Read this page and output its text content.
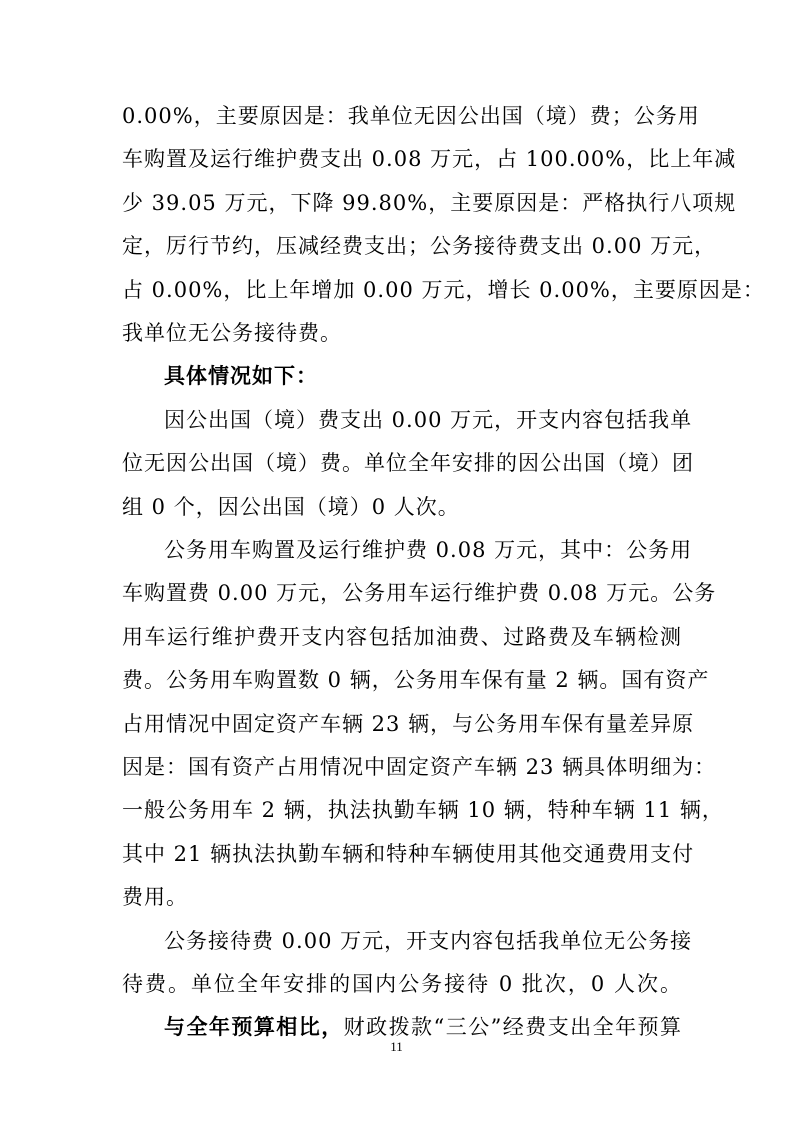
0.00%，主要原因是：我单位无因公出国（境）费；公务用
车购置及运行维护费支出 0.08 万元，占 100.00%，比上年减
少 39.05 万元，下降 99.80%，主要原因是：严格执行八项规
定，厉行节约，压减经费支出；公务接待费支出 0.00 万元，
占 0.00%，比上年增加 0.00 万元，增长 0.00%，主要原因是：
我单位无公务接待费。
具体情况如下：
因公出国（境）费支出 0.00 万元，开支内容包括我单
位无因公出国（境）费。单位全年安排的因公出国（境）团
组 0 个，因公出国（境）0 人次。
公务用车购置及运行维护费 0.08 万元，其中：公务用
车购置费 0.00 万元，公务用车运行维护费 0.08 万元。公务
用车运行维护费开支内容包括加油费、过路费及车辆检测
费。公务用车购置数 0 辆，公务用车保有量 2 辆。国有资产
占用情况中固定资产车辆 23 辆，与公务用车保有量差异原
因是：国有资产占用情况中固定资产车辆 23 辆具体明细为：
一般公务用车 2 辆，执法执勤车辆 10 辆，特种车辆 11 辆，
其中 21 辆执法执勤车辆和特种车辆使用其他交通费用支付
费用。
公务接待费 0.00 万元，开支内容包括我单位无公务接
待费。单位全年安排的国内公务接待 0 批次，0 人次。
与全年预算相比，财政拨款“三公”经费支出全年预算
11
